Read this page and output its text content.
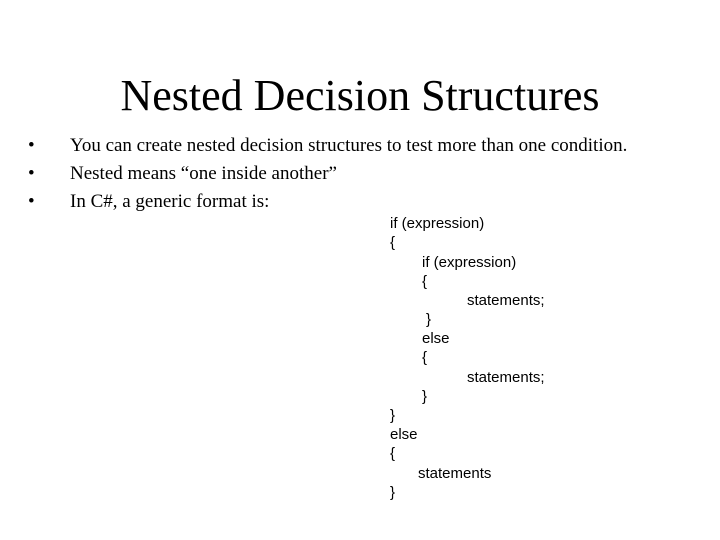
Nested Decision Structures
•	You can create nested decision structures to test more than one condition.
•	Nested means “one inside another”
•	In C#, a generic format is:
if (expression)
{
if (expression)
{
statements;
}
else
{
statements;
}
}
else
{
statements
}
